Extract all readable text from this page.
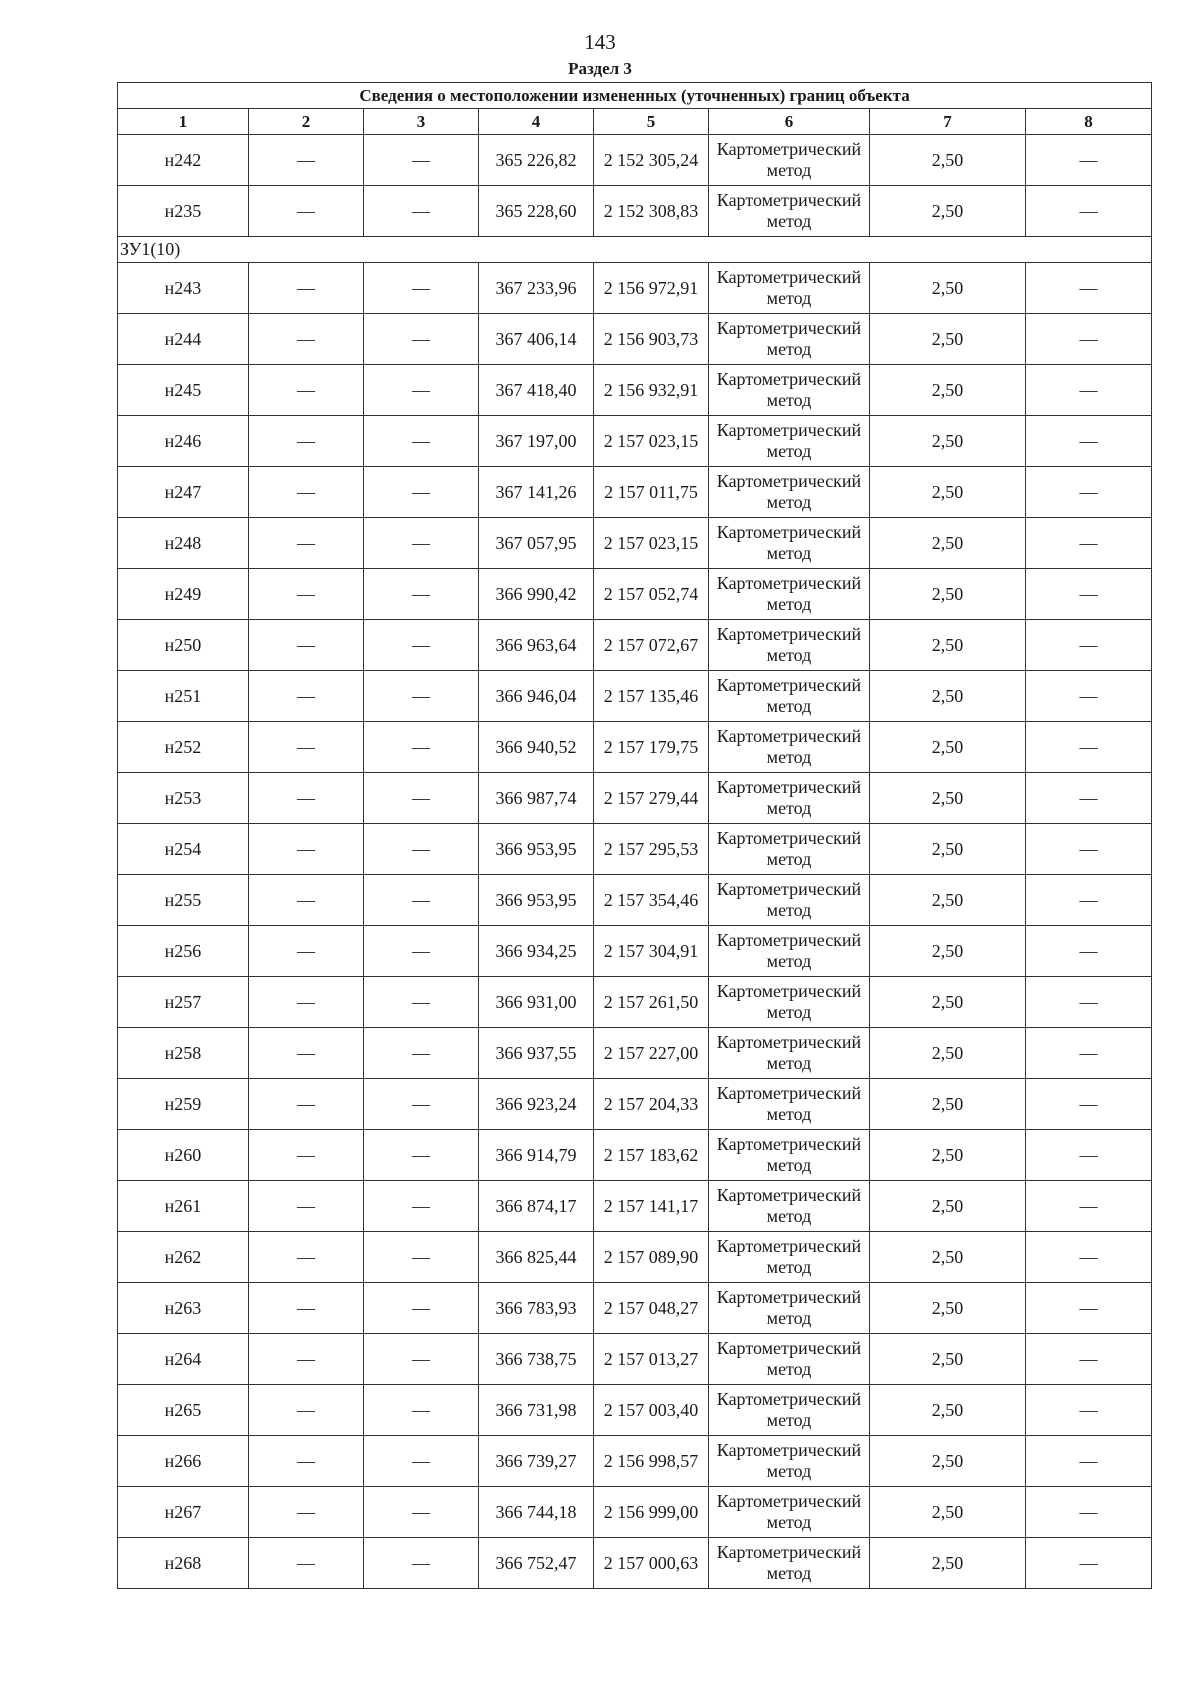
143
Раздел 3
Сведения о местоположении измененных (уточненных) границ объекта							
1	2	3	4	5	6	7	8
н242	—	—	365 226,82	2 152 305,24	Картометрический метод	2,50	—
н235	—	—	365 228,60	2 152 308,83	Картометрический метод	2,50	—
ЗУ1(10)							
н243	—	—	367 233,96	2 156 972,91	Картометрический метод	2,50	—
н244	—	—	367 406,14	2 156 903,73	Картометрический метод	2,50	—
н245	—	—	367 418,40	2 156 932,91	Картометрический метод	2,50	—
н246	—	—	367 197,00	2 157 023,15	Картометрический метод	2,50	—
н247	—	—	367 141,26	2 157 011,75	Картометрический метод	2,50	—
н248	—	—	367 057,95	2 157 023,15	Картометрический метод	2,50	—
н249	—	—	366 990,42	2 157 052,74	Картометрический метод	2,50	—
н250	—	—	366 963,64	2 157 072,67	Картометрический метод	2,50	—
н251	—	—	366 946,04	2 157 135,46	Картометрический метод	2,50	—
н252	—	—	366 940,52	2 157 179,75	Картометрический метод	2,50	—
н253	—	—	366 987,74	2 157 279,44	Картометрический метод	2,50	—
н254	—	—	366 953,95	2 157 295,53	Картометрический метод	2,50	—
н255	—	—	366 953,95	2 157 354,46	Картометрический метод	2,50	—
н256	—	—	366 934,25	2 157 304,91	Картометрический метод	2,50	—
н257	—	—	366 931,00	2 157 261,50	Картометрический метод	2,50	—
н258	—	—	366 937,55	2 157 227,00	Картометрический метод	2,50	—
н259	—	—	366 923,24	2 157 204,33	Картометрический метод	2,50	—
н260	—	—	366 914,79	2 157 183,62	Картометрический метод	2,50	—
н261	—	—	366 874,17	2 157 141,17	Картометрический метод	2,50	—
н262	—	—	366 825,44	2 157 089,90	Картометрический метод	2,50	—
н263	—	—	366 783,93	2 157 048,27	Картометрический метод	2,50	—
н264	—	—	366 738,75	2 157 013,27	Картометрический метод	2,50	—
н265	—	—	366 731,98	2 157 003,40	Картометрический метод	2,50	—
н266	—	—	366 739,27	2 156 998,57	Картометрический метод	2,50	—
н267	—	—	366 744,18	2 156 999,00	Картометрический метод	2,50	—
н268	—	—	366 752,47	2 157 000,63	Картометрический метод	2,50	—
